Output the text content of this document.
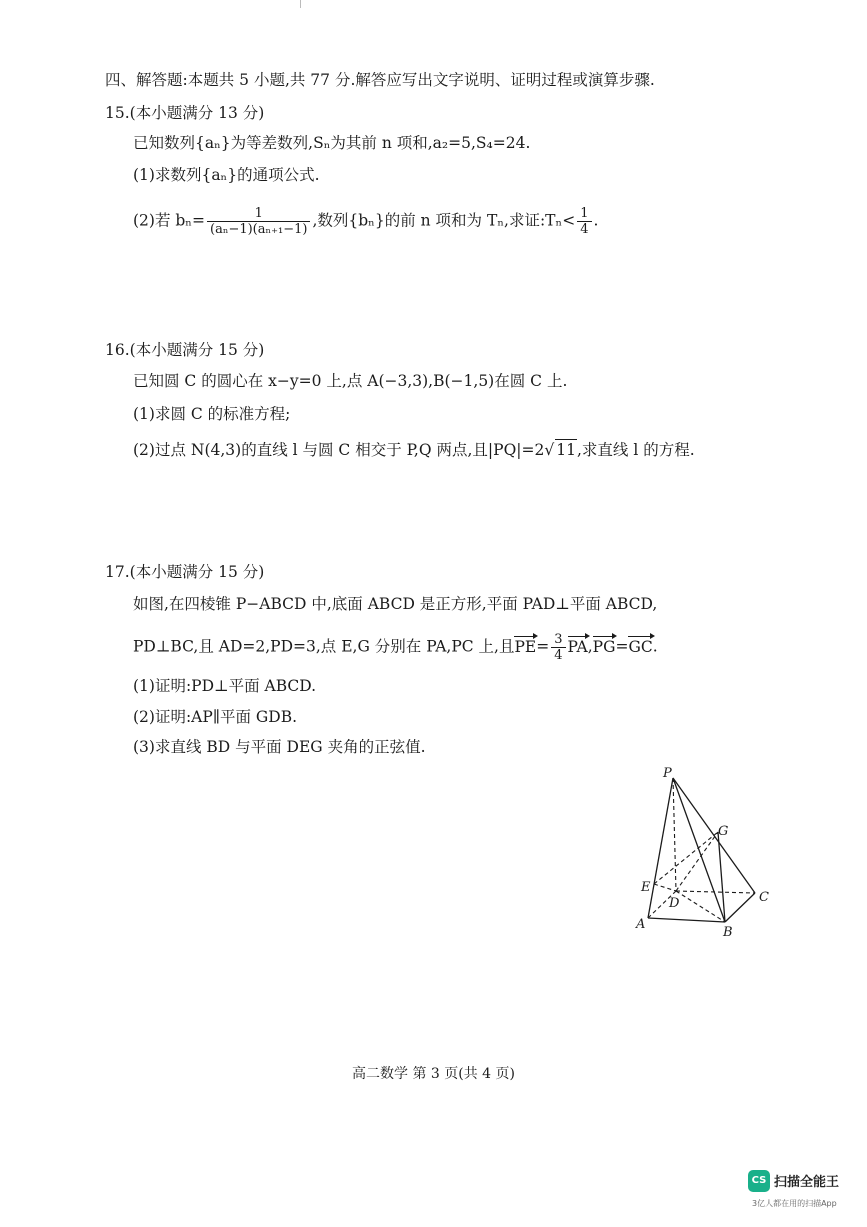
四、解答题:本题共 5 小题,共 77 分.解答应写出文字说明、证明过程或演算步骤.
15.(本小题满分 13 分)
已知数列{aₙ}为等差数列,Sₙ为其前 n 项和,a₂=5,S₄=24.
(1)求数列{aₙ}的通项公式.
(2)若 $b_n= \frac{1}{\text{(aₙ−1)(aₙ₊₁−1)}}$ ,数列{bₙ}的前 n 项和为 Tₙ,求证:Tₙ< $\frac{1}{4}$ .
16.(本小题满分 15 分)
已知圆 C 的圆心在 x−y=0 上,点 A(−3,3),B(−1,5)在圆 C 上.
(1)求圆 C 的标准方程;
(2)过点 N(4,3)的直线 l 与圆 C 相交于 P,Q 两点,且|PQ|=2√ 11,求直线 l 的方程.
17.(本小题满分 15 分)
如图,在四棱锥 P−ABCD 中,底面 ABCD 是正方形,平面 PAD⊥平面 ABCD,
PD⊥BC,且 AD=2,PD=3,点 E,G 分别在 PA,PC 上,且$PE= \frac{3}{4} PA,PG=GC$.
(1)证明:PD⊥平面 ABCD.
(2)证明:AP∥平面 GDB.
(3)求直线 BD 与平面 DEG 夹角的正弦值.
P
G
E
D	C
A
B
高二数学 第 3 页(共 4 页)
CS 扫描全能王
3亿人都在用的扫描App
